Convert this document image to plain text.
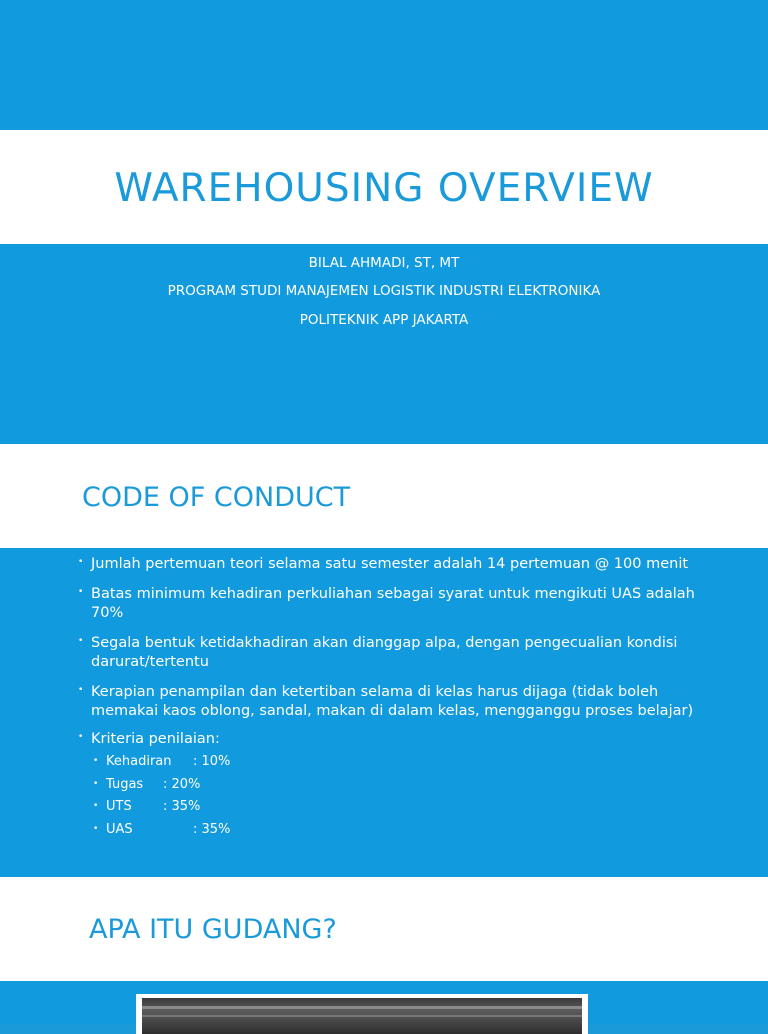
WAREHOUSING OVERVIEW

BILAL AHMADI, ST, MT

PROGRAM STUDI MANAJEMEN LOGISTIK INDUSTRI ELEKTRONIKA

POLITEKNIK APP JAKARTA

CODE OF CONDUCT
• Jumlah pertemuan teori selama satu semester adalah 14 pertemuan @ 100 menit
• Batas minimum kehadiran perkuliahan sebagai syarat untuk mengikuti UAS adalah 70%
• Segala bentuk ketidakhadiran akan dianggap alpa, dengan pengecualian kondisi darurat/tertentu
• Kerapian penampilan dan ketertiban selama di kelas harus dijaga (tidak boleh memakai kaos oblong, sandal, makan di dalam kelas, mengganggu proses belajar)
• Kriteria penilaian:
• Kehadiran : 10%
• Tugas : 20%
• UTS : 35%
• UAS	: 35%
APA ITU GUDANG?
